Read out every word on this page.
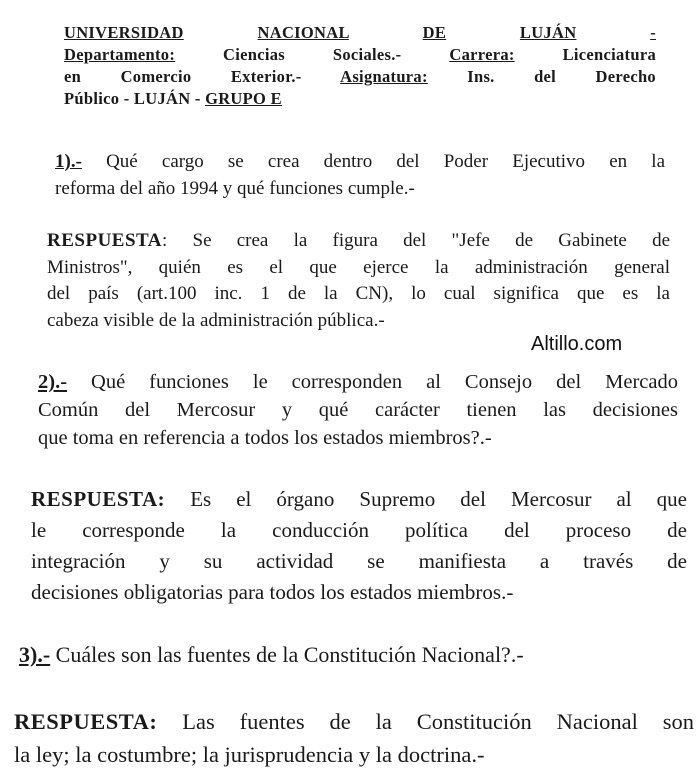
UNIVERSIDAD	NACIONAL	DE	LUJÁN	-
Departamento:	Ciencias Sociales.-	Carrera:	Licenciatura
en Comercio Exterior.- Asignatura: Ins. del Derecho
Público - LUJÁN - GRUPO E
1).- Qué cargo se crea dentro del Poder Ejecutivo en la
reforma del año 1994 y qué funciones cumple.-
RESPUESTA: Se crea la figura del "Jefe de Gabinete de
Ministros", quién es el que ejerce la administración general
del país (art.100 inc. 1 de la CN), lo cual significa que es la
cabeza visible de la administración pública.-
Altillo.com
2).- Qué funciones le corresponden al Consejo del Mercado
Común del Mercosur y qué carácter tienen las decisiones
que toma en referencia a todos los estados miembros?.-
RESPUESTA: Es el órgano Supremo del Mercosur al que
le corresponde la conducción política del proceso de
integración y su actividad se manifiesta a través de
decisiones obligatorias para todos los estados miembros.-
3).- Cuáles son las fuentes de la Constitución Nacional?.-
RESPUESTA: Las fuentes de la Constitución Nacional son
la ley; la costumbre; la jurisprudencia y la doctrina.-
